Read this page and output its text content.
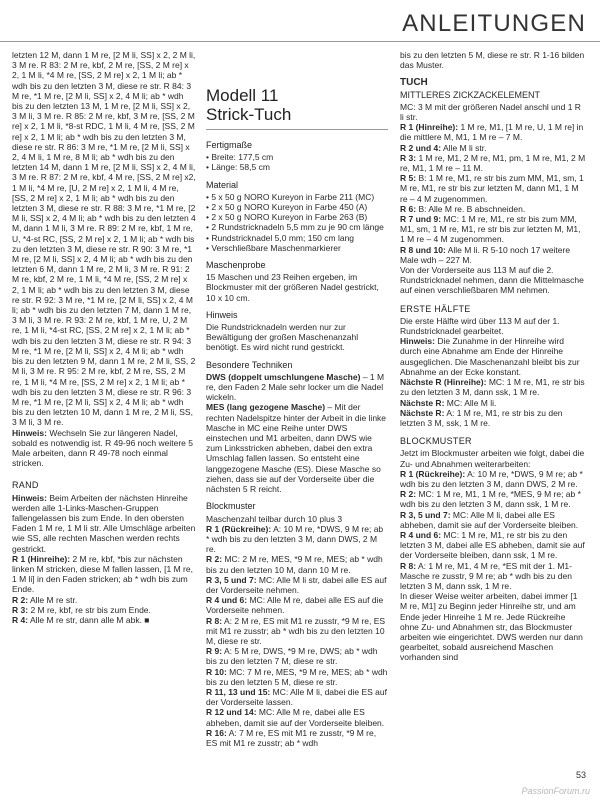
ANLEITUNGEN

letzten 12 M, dann 1 M re, [2 M li, SS] x 2, 2 M li, 3 M re. R 83: 2 M re, kbf, 2 M re, [SS, 2 M re] x 2, 1 M li, *4 M re, [SS, 2 M re] x 2, 1 M li; ab * wdh bis zu den letzten 3 M, diese re str. R 84: 3 M re, *1 M re, [2 M li, SS] x 2, 4 M li; ab * wdh bis zu den letzten 13 M, 1 M re, [2 M li, SS] x 2, 3 M li, 3 M re. R 85: 2 M re, kbf, 3 M re, [SS, 2 M re] x 2, 1 M li, *8-st RDC, 1 M li, 4 M re, [SS, 2 M re] x 2, 1 M li; ab * wdh bis zu den letzten 3 M, diese re str. R 86: 3 M re, *1 M re, [2 M li, SS] x 2, 4 M li, 1 M re, 8 M li; ab * wdh bis zu den letzten 14 M, dann 1 M re, [2 M li, SS] x 2, 4 M li, 3 M re. R 87: 2 M re, kbf, 4 M re, [SS, 2 M re] x2, 1 M li, *4 M re, [U, 2 M re] x 2, 1 M li, 4 M re, [SS, 2 M re] x 2, 1 M li; ab * wdh bis zu den letzten 3 M, diese re str. R 88: 3 M re, *1 M re, [2 M li, SS] x 2, 4 M li; ab * wdh bis zu den letzten 4 M, dann 1 M li, 3 M re. R 89: 2 M re, kbf, 1 M re, U, *4-st RC, [SS, 2 M re] x 2, 1 M li; ab * wdh bis zu den letzten 3 M, diese re str. R 90: 3 M re, *1 M re, [2 M li, SS] x 2, 4 M li; ab * wdh bis zu den letzten 6 M, dann 1 M re, 2 M li, 3 M re. R 91: 2 M re, kbf, 2 M re, 1 M li, *4 M re, [SS, 2 M re] x 2, 1 M li; ab * wdh bis zu den letzten 3 M, diese re str. R 92: 3 M re, *1 M re, [2 M li, SS] x 2, 4 M li; ab * wdh bis zu den letzten 7 M, dann 1 M re, 3 M li, 3 M re. R 93: 2 M re, kbf, 1 M re, U, 2 M re, 1 M li, *4-st RC, [SS, 2 M re] x 2, 1 M li; ab * wdh bis zu den letzten 3 M, diese re str. R 94: 3 M re, *1 M re, [2 M li, SS] x 2, 4 M li; ab * wdh bis zu den letzten 9 M, dann 1 M re, 2 M li, SS, 2 M li, 3 M re. R 95: 2 M re, kbf, 2 M re, SS, 2 M re, 1 M li, *4 M re, [SS, 2 M re] x 2, 1 M li; ab * wdh bis zu den letzten 3 M, diese re str. R 96: 3 M re, *1 M re, [2 M li, SS] x 2, 4 M li; ab * wdh bis zu den letzten 10 M, dann 1 M re, 2 M li, SS, 3 M li, 3 M re.

Hinweis: Wechseln Sie zur längeren Nadel, sobald es notwendig ist. R 49-96 noch weitere 5 Male arbeiten, dann R 49-78 noch einmal stricken.

RAND

Hinweis: Beim Arbeiten der nächsten Hinreihe werden alle 1-Links-Maschen-Gruppen fallengelassen bis zum Ende. In den obersten Faden 1 M re, 1 M li str. Alle Umschläge arbeiten wie SS, alle rechten Maschen werden rechts gestrickt.

R 1 (Hinreihe): 2 M re, kbf, *bis zur nächsten linken M stricken, diese M fallen lassen, [1 M re, 1 M li] in den Faden stricken; ab * wdh bis zum Ende.

R 2: Alle M re str.

R 3: 2 M re, kbf, re str bis zum Ende.

R 4: Alle M re str, dann alle M abk. ■

Modell 11
Strick-Tuch
Fertigmaße
• Breite: 177,5 cm
• Länge: 58,5 cm
Material
• 5 x 50 g NORO Kureyon in Farbe 211 (MC)
• 2 x 50 g NORO Kureyon in Farbe 450 (A)
• 2 x 50 g NORO Kureyon in Farbe 263 (B)
• 2 Rundstricknadeln 5,5 mm zu je 90 cm länge
• Rundstricknadel 5,0 mm; 150 cm lang
• Verschließbare Maschenmarkierer
Maschenprobe

15 Maschen und 23 Reihen ergeben, im Blockmuster mit der größeren Nadel gestrickt, 10 x 10 cm.

Hinweis

Die Rundstricknadeln werden nur zur Bewältigung der großen Maschenanzahl benötigt. Es wird nicht rund gestrickt.

Besondere Techniken

DWS (doppelt umschlungene Masche) – 1 M re, den Faden 2 Male sehr locker um die Nadel wickeln.

MES (lang gezogene Masche) – Mit der rechten Nadelspitze hinter der Arbeit in die linke Masche in MC eine Reihe unter DWS einstechen und M1 arbeiten, dann DWS wie zum Linksstricken abheben, dabei den extra Umschlag fallen lassen. So entsteht eine langgezogene Masche (ES). Diese Masche so ziehen, dass sie auf der Vorderseite über die nächsten 5 R reicht.

Blockmuster

Maschenzahl teilbar durch 10 plus 3

R 1 (Rückreihe): A: 10 M re, *DWS, 9 M re; ab * wdh bis zu den letzten 3 M, dann DWS, 2 M re.

R 2: MC: 2 M re, MES, *9 M re, MES; ab * wdh bis zu den letzten 10 M, dann 10 M re.

R 3, 5 und 7: MC: Alle M li str, dabei alle ES auf der Vorderseite nehmen.

R 4 und 6: MC: Alle M re, dabei alle ES auf die Vorderseite nehmen.

R 8: A: 2 M re, ES mit M1 re zusstr, *9 M re, ES mit M1 re zusstr; ab * wdh bis zu den letzten 10 M, diese re str.

R 9: A: 5 M re, DWS, *9 M re, DWS; ab * wdh bis zu den letzten 7 M, diese re str.

R 10: MC: 7 M re, MES, *9 M re, MES; ab * wdh bis zu den letzten 5 M, diese re str.

R 11, 13 und 15: MC: Alle M li, dabei die ES auf der Vorderseite lassen.

R 12 und 14: MC: Alle M re, dabei alle ES abheben, damit sie auf der Vorderseite bleiben.

R 16: A: 7 M re, ES mit M1 re zusstr, *9 M re, ES mit M1 re zusstr; ab * wdh

bis zu den letzten 5 M, diese re str. R 1-16 bilden das Muster.

TUCH
MITTLERES ZICKZACKELEMENT

MC: 3 M mit der größeren Nadel anschl und 1 R li str.

R 1 (Hinreihe): 1 M re, M1, [1 M re, U, 1 M re] in die mittlere M, M1, 1 M re – 7 M.

R 2 und 4: Alle M li str.

R 3: 1 M re, M1, 2 M re, M1, pm, 1 M re, M1, 2 M re, M1, 1 M re – 11 M.

R 5: B: 1 M re, M1, re str bis zum MM, M1, sm, 1 M re, M1, re str bis zur letzten M, dann M1, 1 M re – 4 M zugenommen.

R 6: B: Alle M re. B abschneiden.

R 7 und 9: MC: 1 M re, M1, re str bis zum MM, M1, sm, 1 M re, M1, re str bis zur letzten M, M1, 1 M re – 4 M zugenommen.

R 8 und 10: Alle M li. R 5-10 noch 17 weitere Male wdh – 227 M.

Von der Vorderseite aus 113 M auf die 2. Rundstricknadel nehmen, dann die Mittelmasche auf einen verschließbaren MM nehmen.

ERSTE HÄLFTE

Die erste Hälfte wird über 113 M auf der 1. Rundstricknadel gearbeitet.

Hinweis: Die Zunahme in der Hinreihe wird durch eine Abnahme am Ende der Hinreihe ausgeglichen. Die Maschenanzahl bleibt bis zur Abnahme an der Ecke konstant.

Nächste R (Hinreihe): MC: 1 M re, M1, re str bis zu den letzten 3 M, dann ssk, 1 M re.

Nächste R: MC: Alle M li.

Nächste R: A: 1 M re, M1, re str bis zu den letzten 3 M, ssk, 1 M re.

BLOCKMUSTER

Jetzt im Blockmuster arbeiten wie folgt, dabei die Zu- und Abnahmen weiterarbeiten:

R 1 (Rückreihe): A: 10 M re, *DWS, 9 M re; ab * wdh bis zu den letzten 3 M, dann DWS, 2 M re.

R 2: MC: 1 M re, M1, 1 M re, *MES, 9 M re; ab * wdh bis zu den letzten 3 M, dann ssk, 1 M re.

R 3, 5 und 7: MC: Alle M li, dabei alle ES abheben, damit sie auf der Vorderseite bleiben.

R 4 und 6: MC: 1 M re, M1, re str bis zu den letzten 3 M, dabei alle ES abheben, damit sie auf der Vorderseite bleiben, dann ssk, 1 M re.

R 8: A: 1 M re, M1, 4 M re, *ES mit der 1. M1-Masche re zusstr, 9 M re; ab * wdh bis zu den letzten 3 M, dann ssk, 1 M re.

In dieser Weise weiter arbeiten, dabei immer [1 M re, M1] zu Beginn jeder Hinreihe str, und am Ende jeder Hinreihe 1 M re. Jede Rückreihe ohne Zu- und Abnahmen str, das Blockmuster arbeiten wie eingerichtet. DWS werden nur dann gearbeitet, sobald ausreichend Maschen vorhanden sind

53
PassionForum.ru
